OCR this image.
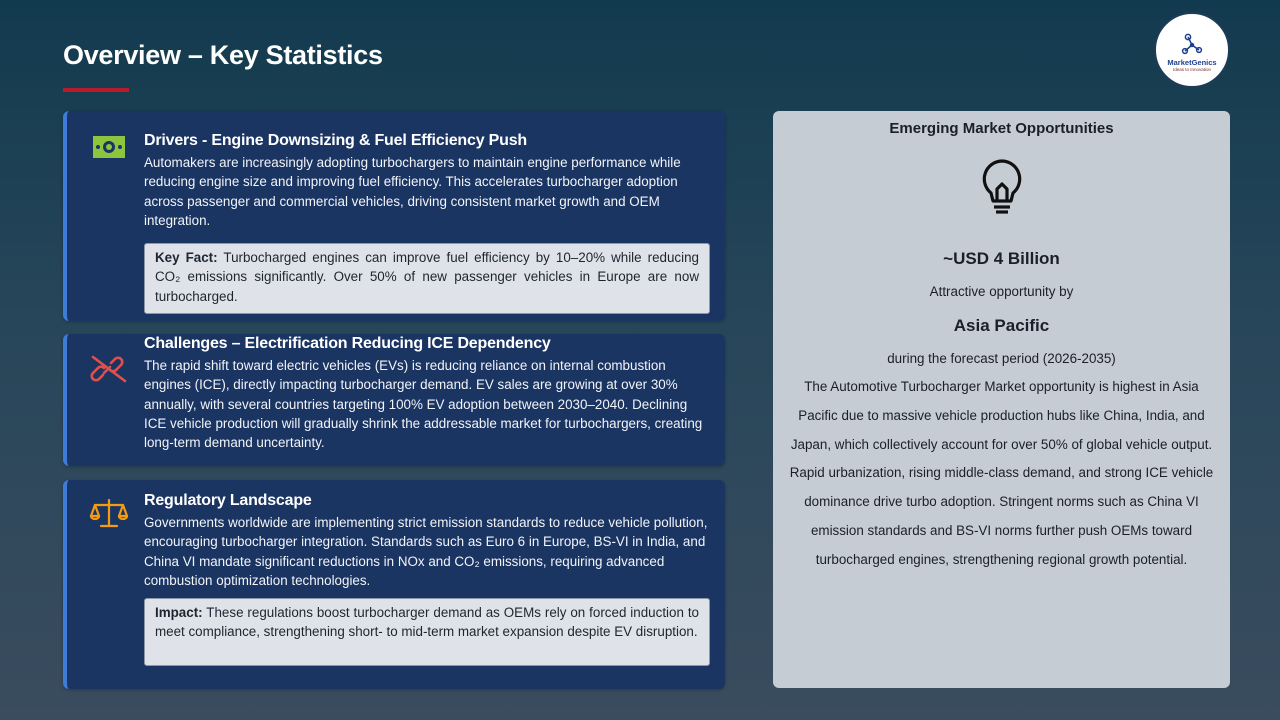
Overview – Key Statistics	MarketGenics
Ideas to Innovation
Drivers - Engine Downsizing & Fuel Efficiency Push
Automakers are increasingly adopting turbochargers to maintain engine performance while reducing engine size and improving fuel efficiency. This accelerates turbocharger adoption across passenger and commercial vehicles, driving consistent market growth and OEM integration.
Key Fact: Turbocharged engines can improve fuel efficiency by 10–20% while reducing CO₂ emissions significantly. Over 50% of new passenger vehicles in Europe are now turbocharged.
Challenges – Electrification Reducing ICE Dependency
The rapid shift toward electric vehicles (EVs) is reducing reliance on internal combustion engines (ICE), directly impacting turbocharger demand. EV sales are growing at over 30% annually, with several countries targeting 100% EV adoption between 2030–2040. Declining ICE vehicle production will gradually shrink the addressable market for turbochargers, creating long-term demand uncertainty.
Regulatory Landscape
Governments worldwide are implementing strict emission standards to reduce vehicle pollution, encouraging turbocharger integration. Standards such as Euro 6 in Europe, BS-VI in India, and China VI mandate significant reductions in NOx and CO₂ emissions, requiring advanced combustion optimization technologies.
Impact: These regulations boost turbocharger demand as OEMs rely on forced induction to meet compliance, strengthening short- to mid-term market expansion despite EV disruption.
Emerging Market Opportunities
~USD 4 Billion
Attractive opportunity by
Asia Pacific
during the forecast period (2026-2035)
The Automotive Turbocharger Market opportunity is highest in Asia Pacific due to massive vehicle production hubs like China, India, and Japan, which collectively account for over 50% of global vehicle output. Rapid urbanization, rising middle-class demand, and strong ICE vehicle dominance drive turbo adoption. Stringent norms such as China VI emission standards and BS-VI norms further push OEMs toward turbocharged engines, strengthening regional growth potential.
